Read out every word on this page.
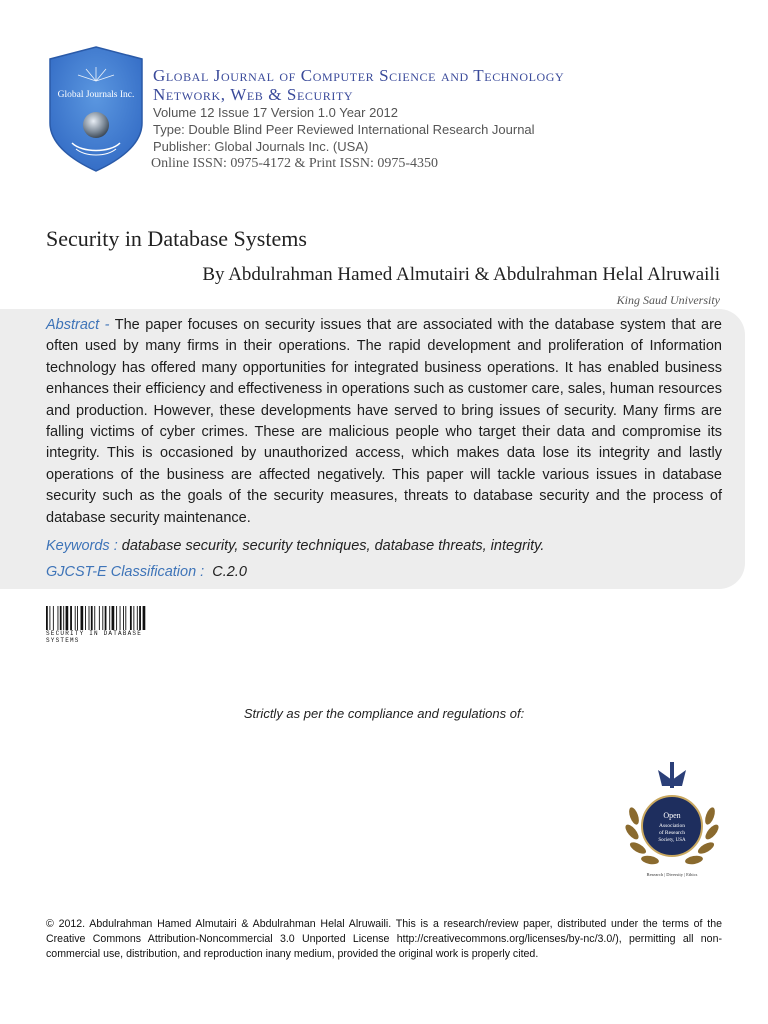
Global Journals Inc.
Global Journal of Computer Science and Technology
Network, Web & Security
Volume 12 Issue 17 Version 1.0 Year 2012
Type: Double Blind Peer Reviewed International Research Journal
Publisher: Global Journals Inc. (USA)
Online ISSN: 0975-4172 & Print ISSN: 0975-4350
Security in Database Systems
By Abdulrahman Hamed Almutairi & Abdulrahman Helal Alruwaili
King Saud University
Abstract - The paper focuses on security issues that are associated with the database system that are often used by many firms in their operations. The rapid development and proliferation of Information technology has offered many opportunities for integrated business operations. It has enabled business enhances their efficiency and effectiveness in operations such as customer care, sales, human resources and production. However, these developments have served to bring issues of security. Many firms are falling victims of cyber crimes. These are malicious people who target their data and compromise its integrity. This is occasioned by unauthorized access, which makes data lose its integrity and lastly operations of the business are affected negatively. This paper will tackle various issues in database security such as the goals of the security measures, threats to database security and the process of database security maintenance.
Keywords : database security, security techniques, database threats, integrity.
GJCST-E Classification : C.2.0
SECURITY IN DATABASE SYSTEMS
Strictly as per the compliance and regulations of:
Open
Association
of Research
Society, USA
Research | Diversity | Ethics
© 2012. Abdulrahman Hamed Almutairi & Abdulrahman Helal Alruwaili. This is a research/review paper, distributed under the terms of the Creative Commons Attribution-Noncommercial 3.0 Unported License http://creativecommons.org/licenses/by-nc/3.0/), permitting all non-commercial use, distribution, and reproduction inany medium, provided the original work is properly cited.
